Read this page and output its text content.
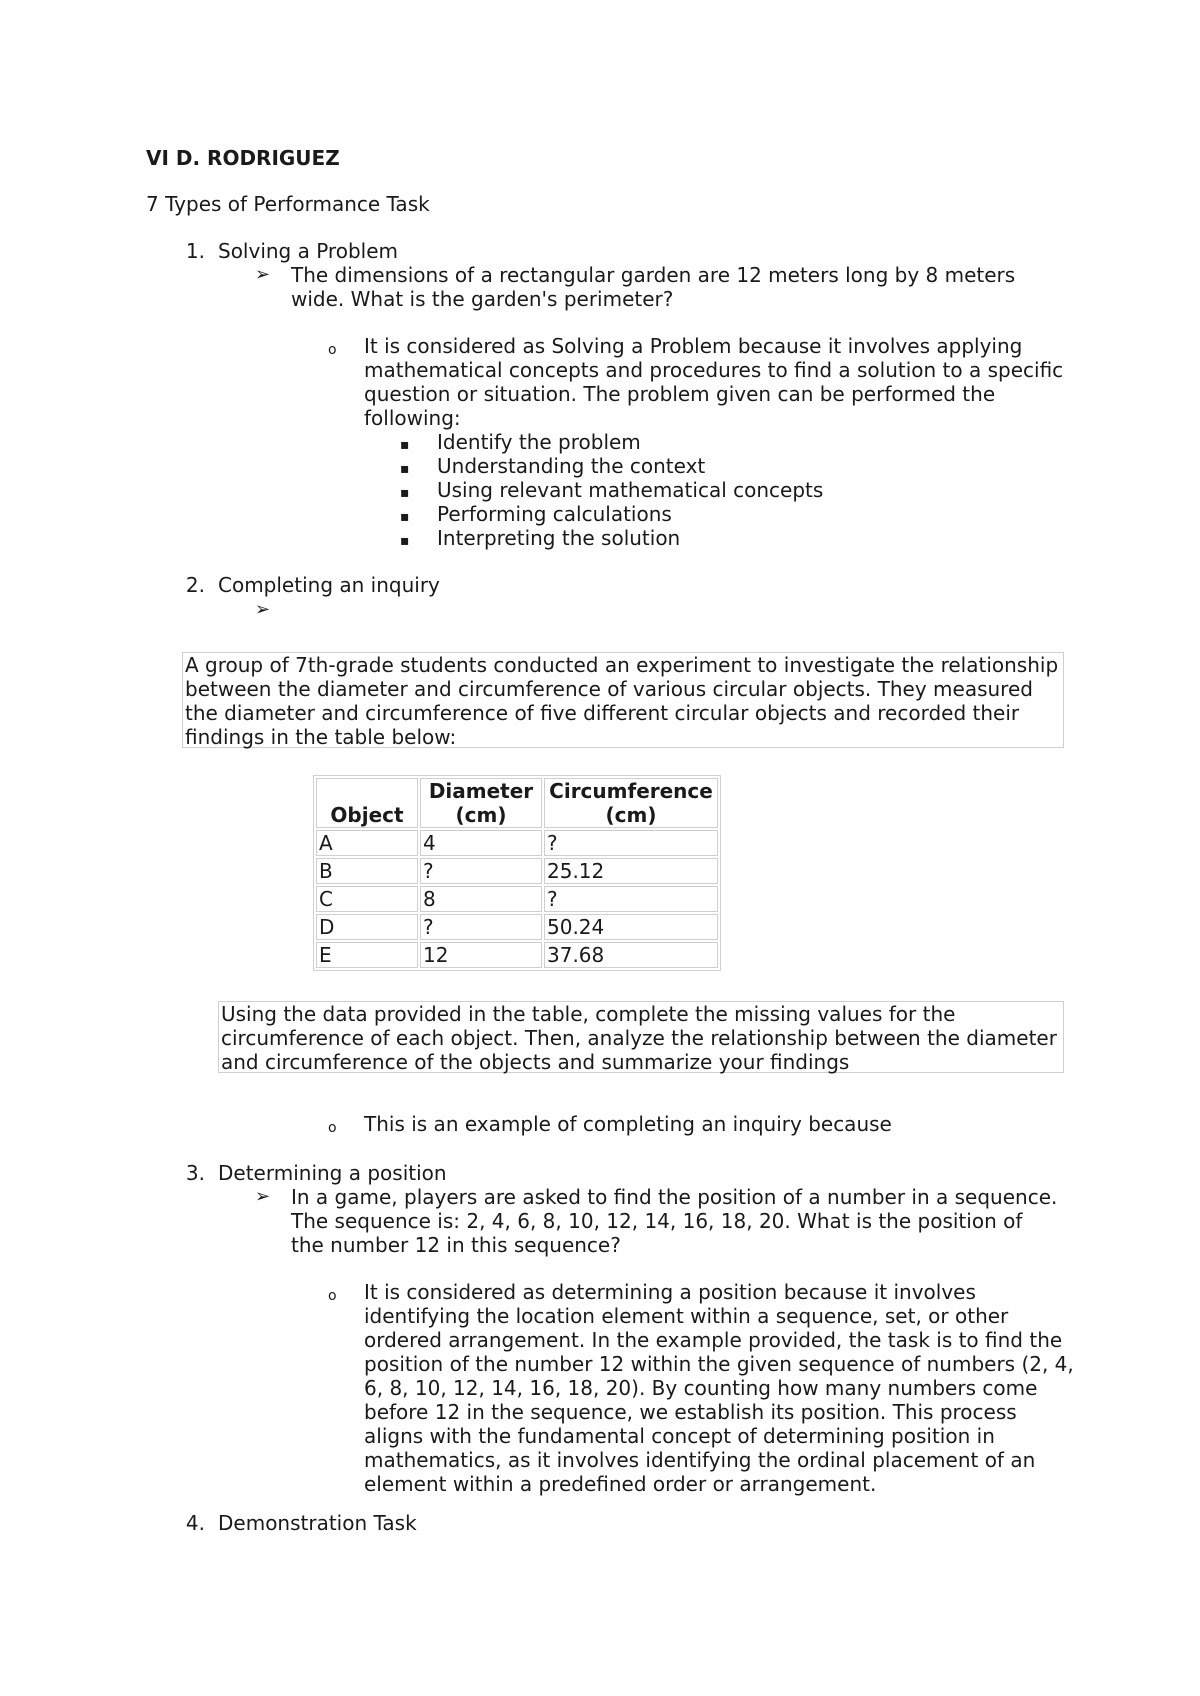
VI D. RODRIGUEZ
7 Types of Performance Task
1. Solving a Problem
➢ The dimensions of a rectangular garden are 12 meters long by 8 meters wide. What is the garden's perimeter?
o It is considered as Solving a Problem because it involves applying mathematical concepts and procedures to find a solution to a specific question or situation. The problem given can be performed the following:
▪ Identify the problem
▪ Understanding the context
▪ Using relevant mathematical concepts
▪ Performing calculations
▪ Interpreting the solution
2. Completing an inquiry
➢
A group of 7th-grade students conducted an experiment to investigate the relationship between the diameter and circumference of various circular objects. They measured the diameter and circumference of five different circular objects and recorded their findings in the table below:
Object	Diameter (cm)	Circumference (cm)
A	4	?
B	?	25.12
C	8	?
D	?	50.24
E	12	37.68
Using the data provided in the table, complete the missing values for the circumference of each object. Then, analyze the relationship between the diameter and circumference of the objects and summarize your findings
o This is an example of completing an inquiry because
3. Determining a position
➢ In a game, players are asked to find the position of a number in a sequence. The sequence is: 2, 4, 6, 8, 10, 12, 14, 16, 18, 20. What is the position of the number 12 in this sequence?
o It is considered as determining a position because it involves identifying the location element within a sequence, set, or other ordered arrangement. In the example provided, the task is to find the position of the number 12 within the given sequence of numbers (2, 4, 6, 8, 10, 12, 14, 16, 18, 20). By counting how many numbers come before 12 in the sequence, we establish its position. This process aligns with the fundamental concept of determining position in mathematics, as it involves identifying the ordinal placement of an element within a predefined order or arrangement.
4. Demonstration Task
